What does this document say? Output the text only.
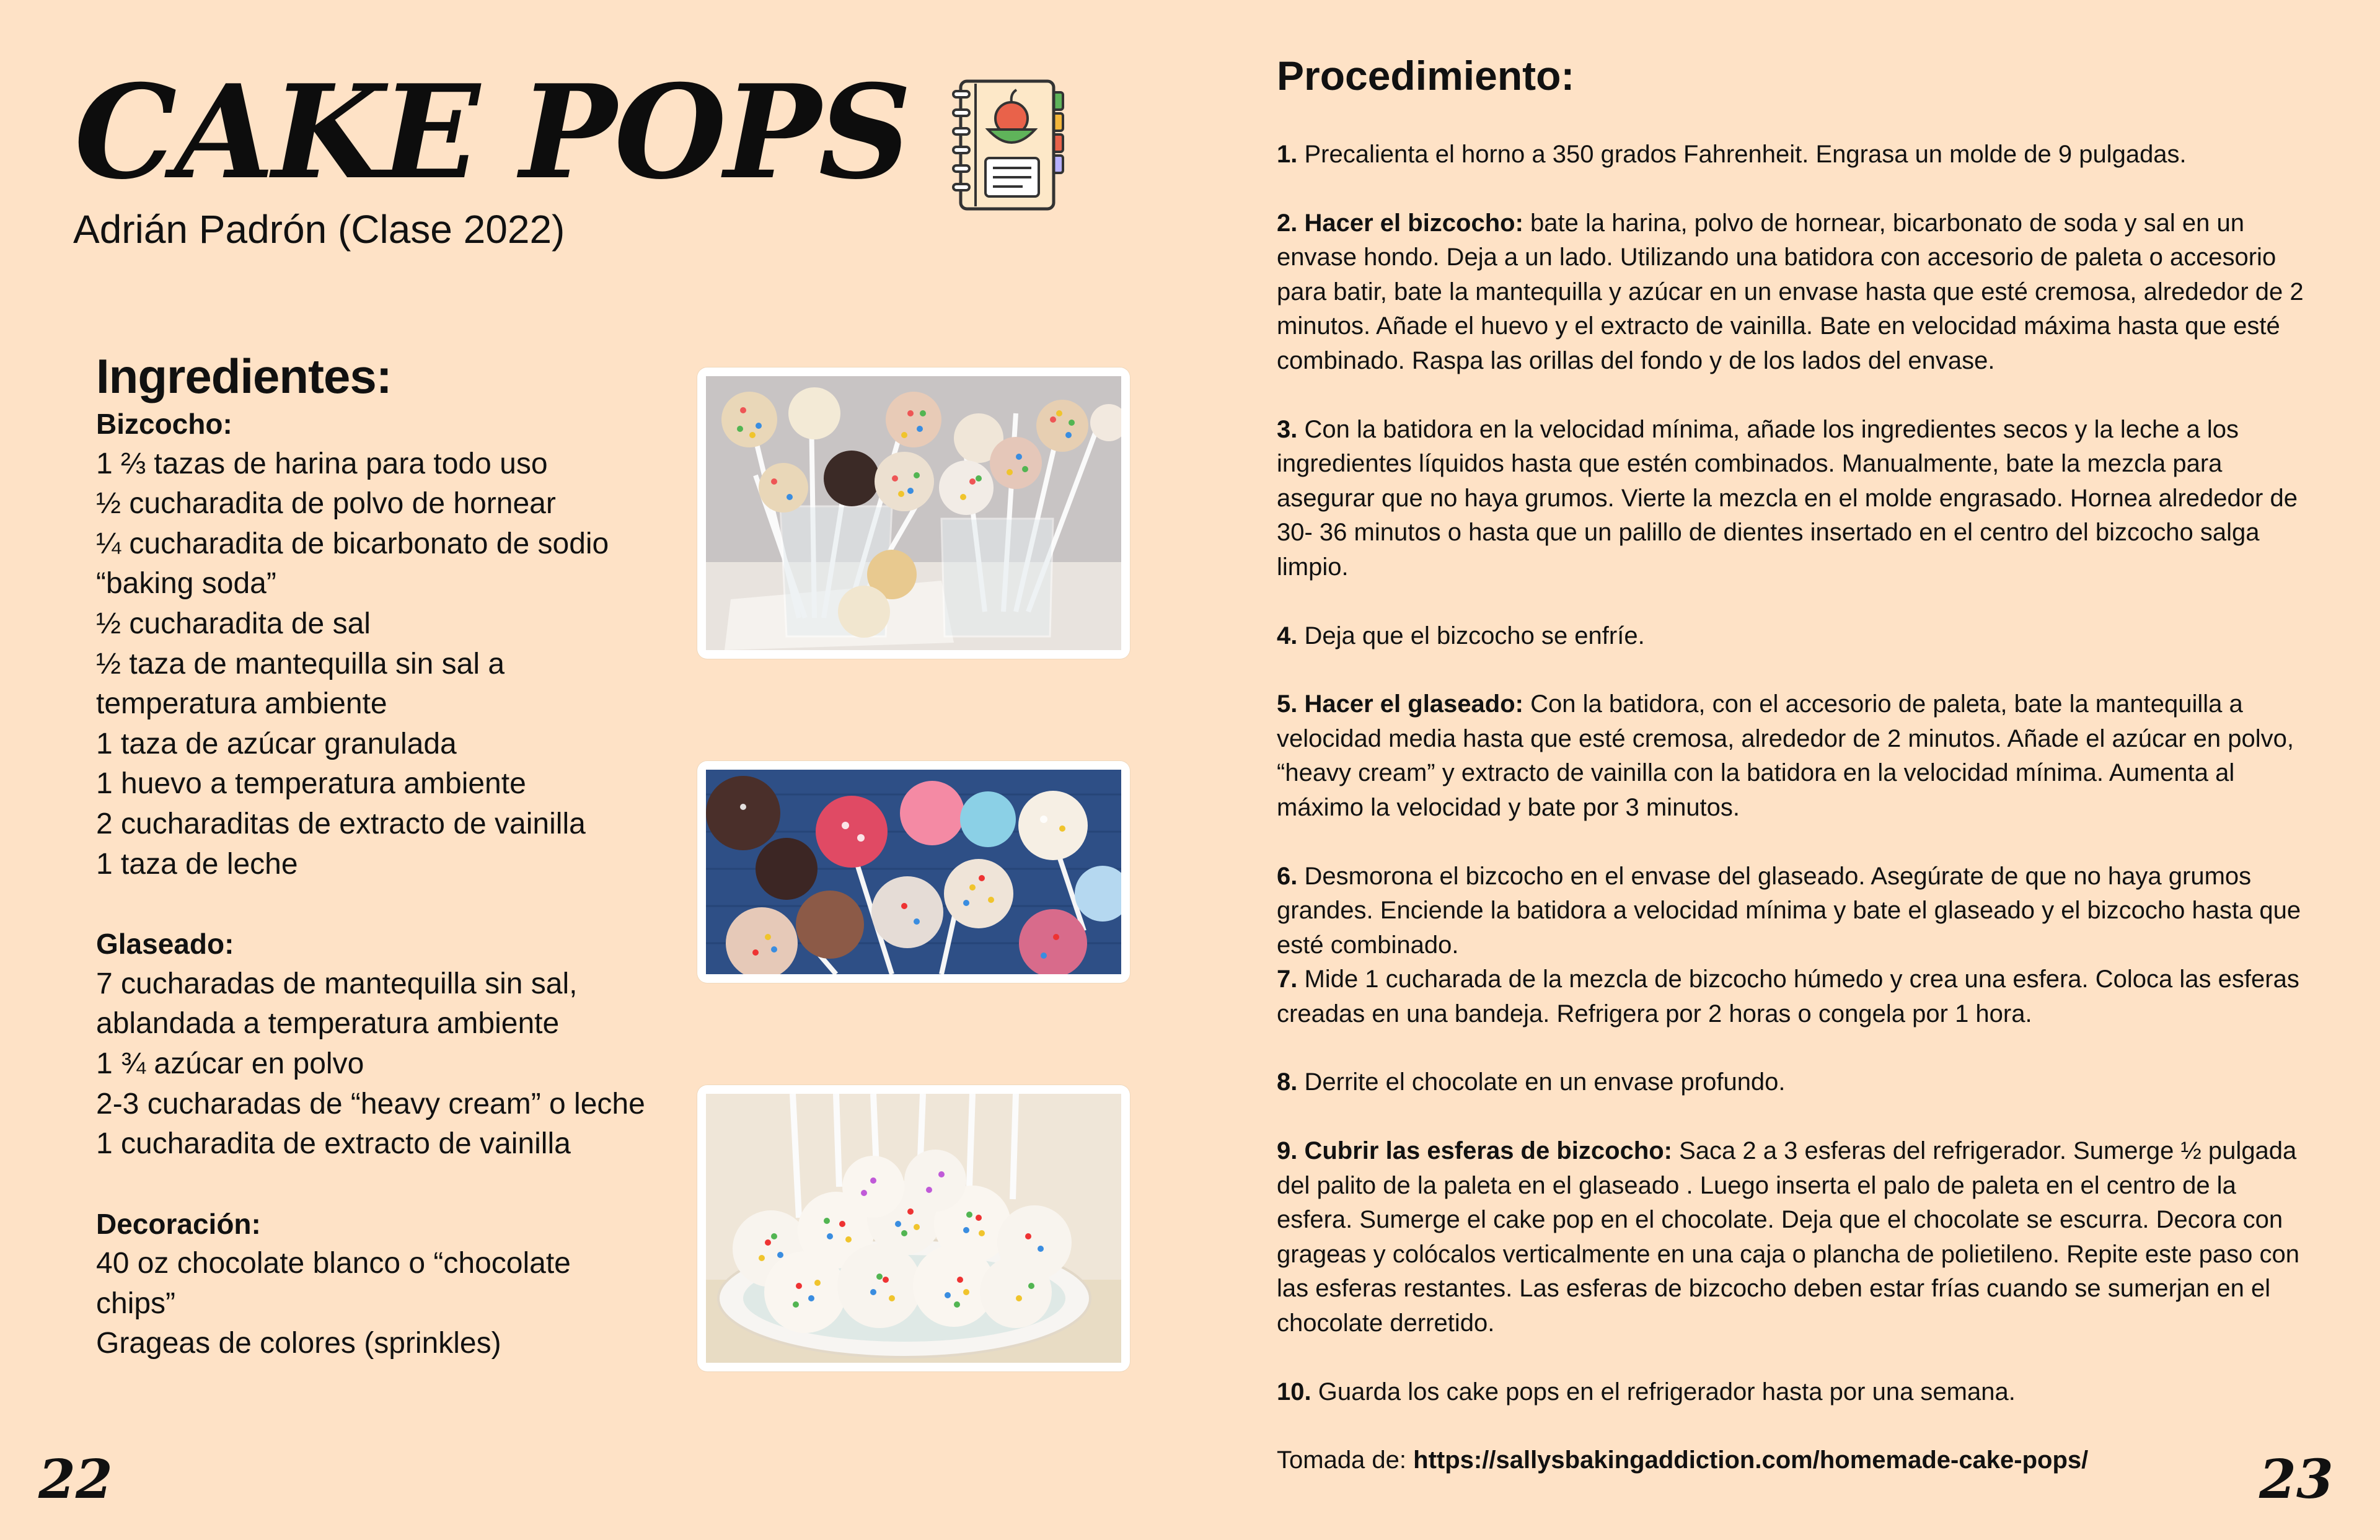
CAKE POPS
Adrián Padrón (Clase 2022)
Ingredientes:
Bizcocho:
1 ⅔ tazas de harina para todo uso
½ cucharadita de polvo de hornear
¼ cucharadita de bicarbonato de sodio
“baking soda”
½ cucharadita de sal
½ taza de mantequilla sin sal a
temperatura ambiente
1 taza de azúcar granulada
1 huevo a temperatura ambiente
2 cucharaditas de extracto de vainilla
1 taza de leche
Glaseado:
7 cucharadas de mantequilla sin sal,
ablandada a temperatura ambiente
1 ¾ azúcar en polvo
2-3 cucharadas de “heavy cream” o leche
1 cucharadita de extracto de vainilla
Decoración:
40 oz chocolate blanco o “chocolate
chips”
Grageas de colores (sprinkles)
Procedimiento:

1. Precalienta el horno a 350 grados Fahrenheit. Engrasa un molde de 9 pulgadas.

2. Hacer el bizcocho: bate la harina, polvo de hornear, bicarbonato de soda y sal en un envase hondo. Deja a un lado. Utilizando una batidora con accesorio de paleta o accesorio para batir, bate la mantequilla y azúcar en un envase hasta que esté cremosa, alrededor de 2 minutos. Añade el huevo y el extracto de vainilla. Bate en velocidad máxima hasta que esté combinado. Raspa las orillas del fondo y de los lados del envase.

3. Con la batidora en la velocidad mínima, añade los ingredientes secos y la leche a los ingredientes líquidos hasta que estén combinados. Manualmente, bate la mezcla para asegurar que no haya grumos. Vierte la mezcla en el molde engrasado. Hornea alrededor de 30- 36 minutos o hasta que un palillo de dientes insertado en el centro del bizcocho salga limpio.

4. Deja que el bizcocho se enfríe.

5. Hacer el glaseado: Con la batidora, con el accesorio de paleta, bate la mantequilla a velocidad media hasta que esté cremosa, alrededor de 2 minutos. Añade el azúcar en polvo, “heavy cream” y extracto de vainilla con la batidora en la velocidad mínima. Aumenta al máximo la velocidad y bate por 3 minutos.

6. Desmorona el bizcocho en el envase del glaseado. Asegúrate de que no haya grumos grandes. Enciende la batidora a velocidad mínima y bate el glaseado y el bizcocho hasta que esté combinado.

7. Mide 1 cucharada de la mezcla de bizcocho húmedo y crea una esfera. Coloca las esferas creadas en una bandeja. Refrigera por 2 horas o congela por 1 hora.

8. Derrite el chocolate en un envase profundo.

9. Cubrir las esferas de bizcocho: Saca 2 a 3 esferas del refrigerador. Sumerge ½ pulgada del palito de la paleta en el glaseado . Luego inserta el palo de paleta en el centro de la esfera. Sumerge el cake pop en el chocolate. Deja que el chocolate se escurra. Decora con grageas y colócalos verticalmente en una caja o plancha de polietileno. Repite este paso con las esferas restantes. Las esferas de bizcocho deben estar frías cuando se sumerjan en el chocolate derretido.

10. Guarda los cake pops en el refrigerador hasta por una semana.

Tomada de: https://sallysbakingaddiction.com/homemade-cake-pops/

22	23
